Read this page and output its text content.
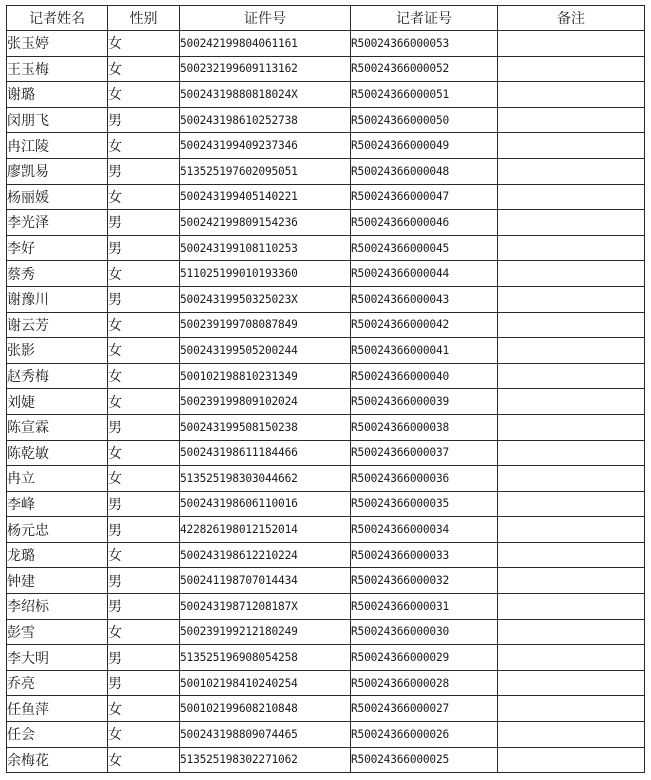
记者姓名	性别	证件号	记者证号	备注
张玉婷	女	500242199804061161	R50024366000053	
王玉梅	女	500232199609113162	R50024366000052	
谢璐	女	50024319880818024X	R50024366000051	
闵朋飞	男	500243198610252738	R50024366000050	
冉江陵	女	500243199409237346	R50024366000049	
廖凯易	男	513525197602095051	R50024366000048	
杨丽媛	女	500243199405140221	R50024366000047	
李光泽	男	500242199809154236	R50024366000046	
李好	男	500243199108110253	R50024366000045	
蔡秀	女	511025199010193360	R50024366000044	
谢豫川	男	50024319950325023X	R50024366000043	
谢云芳	女	500239199708087849	R50024366000042	
张影	女	500243199505200244	R50024366000041	
赵秀梅	女	500102198810231349	R50024366000040	
刘婕	女	500239199809102024	R50024366000039	
陈宣霖	男	500243199508150238	R50024366000038	
陈乾敏	女	500243198611184466	R50024366000037	
冉立	女	513525198303044662	R50024366000036	
李峰	男	500243198606110016	R50024366000035	
杨元忠	男	422826198012152014	R50024366000034	
龙璐	女	500243198612210224	R50024366000033	
钟建	男	500241198707014434	R50024366000032	
李绍标	男	50024319871208187X	R50024366000031	
彭雪	女	500239199212180249	R50024366000030	
李大明	男	513525196908054258	R50024366000029	
乔亮	男	500102198410240254	R50024366000028	
任鱼萍	女	500102199608210848	R50024366000027	
任会	女	500243198809074465	R50024366000026	
余梅花	女	513525198302271062	R50024366000025	
